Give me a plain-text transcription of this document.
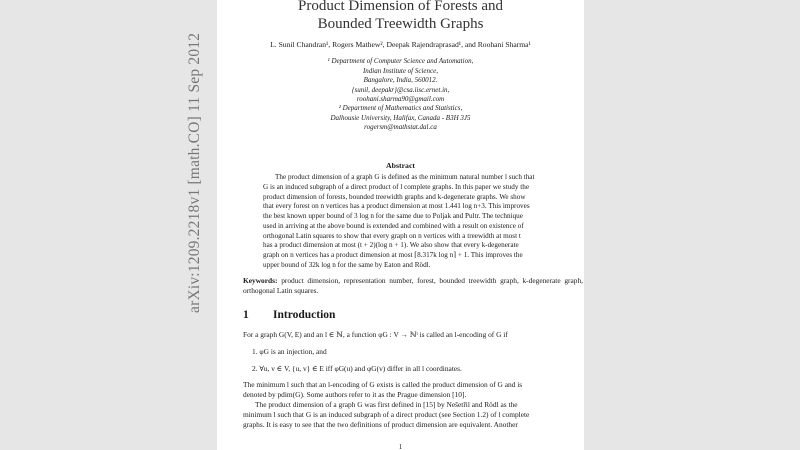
arXiv:1209.2218v1 [math.CO] 11 Sep 2012
Product Dimension of Forests and
Bounded Treewidth Graphs
L. Sunil Chandran¹, Rogers Mathew², Deepak Rajendraprasad¹, and Roohani Sharma¹
¹ Department of Computer Science and Automation,
Indian Institute of Science,
Bangalore, India, 560012.
{sunil, deepakr}@csa.iisc.ernet.in,
roohani.sharma90@gmail.com
² Department of Mathematics and Statistics,
Dalhousie University, Halifax, Canada - B3H 3J5
rogersm@mathstat.dal.ca
Abstract
The product dimension of a graph G is defined as the minimum natural number l such that
G is an induced subgraph of a direct product of l complete graphs. In this paper we study the
product dimension of forests, bounded treewidth graphs and k-degenerate graphs. We show
that every forest on n vertices has a product dimension at most 1.441 log n+3. This improves
the best known upper bound of 3 log n for the same due to Poljak and Pultr. The technique
used in arriving at the above bound is extended and combined with a result on existence of
orthogonal Latin squares to show that every graph on n vertices with a treewidth at most t
has a product dimension at most (t + 2)(log n + 1). We also show that every k-degenerate
graph on n vertices has a product dimension at most ⌈8.317k log n⌉ + 1. This improves the
upper bound of 32k log n for the same by Eaton and Rödl.
Keywords: product dimension, representation number, forest, bounded treewidth graph, k-degenerate graph, orthogonal Latin squares.
1 Introduction
For a graph G(V, E) and an l ∈ ℕ, a function φG : V → ℕˡ is called an l-encoding of G if
1. φG is an injection, and
2. ∀u, v ∈ V, {u, v} ∈ E iff φG(u) and φG(v) differ in all l coordinates.
The minimum l such that an l-encoding of G exists is called the product dimension of G and is
denoted by pdim(G). Some authors refer to it as the Prague dimension [10].
The product dimension of a graph G was first defined in [15] by Nešetřil and Rödl as the
minimum l such that G is an induced subgraph of a direct product (see Section 1.2) of l complete
graphs. It is easy to see that the two definitions of product dimension are equivalent. Another
1
